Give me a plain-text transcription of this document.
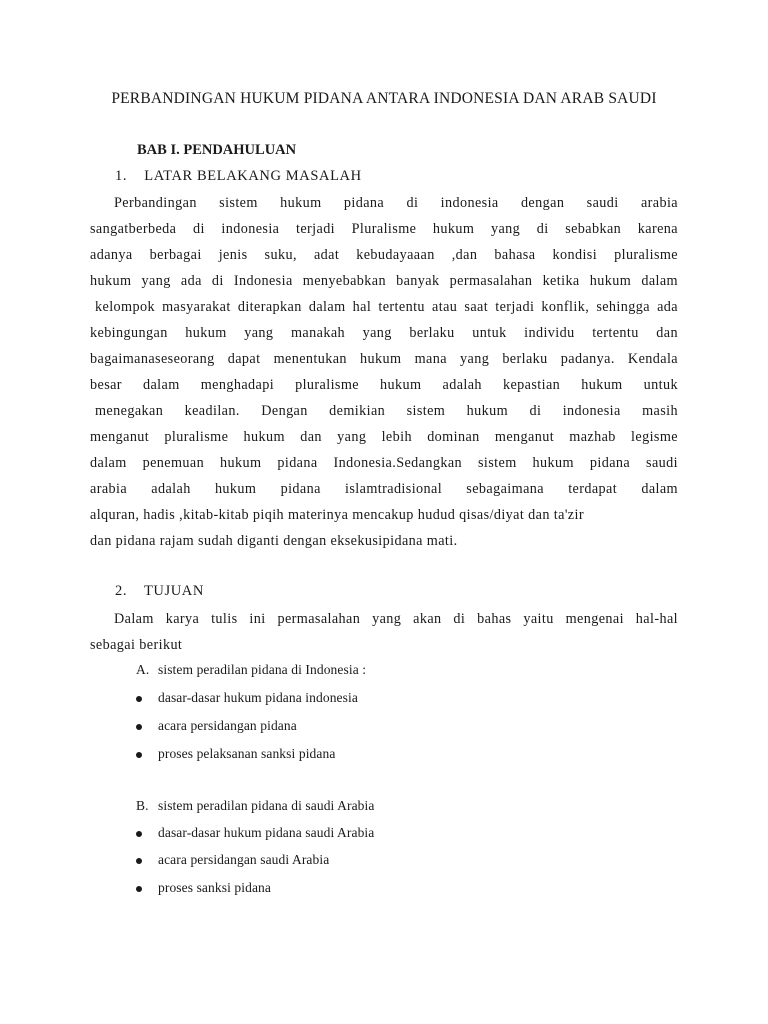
PERBANDINGAN HUKUM PIDANA ANTARA INDONESIA DAN ARAB SAUDI
BAB I. PENDAHULUAN
1. LATAR BELAKANG MASALAH
Perbandingan sistem hukum pidana di indonesia dengan saudi arabia
sangatberbeda di indonesia terjadi Pluralisme hukum yang di sebabkan karena
adanya berbagai jenis suku, adat kebudayaaan ,dan bahasa kondisi pluralisme
hukum yang ada di Indonesia menyebabkan banyak permasalahan ketika hukum dalam
kelompok masyarakat diterapkan dalam hal tertentu atau saat terjadi konflik, sehingga ada
kebingungan hukum yang manakah yang berlaku untuk individu tertentu dan
bagaimanaseseorang dapat menentukan hukum mana yang berlaku padanya. Kendala
besar dalam menghadapi pluralisme hukum adalah kepastian hukum untuk
menegakan keadilan. Dengan demikian sistem hukum di indonesia masih
menganut pluralisme hukum dan yang lebih dominan menganut mazhab legisme
dalam penemuan hukum pidana Indonesia.Sedangkan sistem hukum pidana saudi
arabia adalah hukum pidana islamtradisional sebagaimana terdapat dalam
alquran, hadis ,kitab-kitab piqih materinya mencakup hudud qisas/diyat dan ta'zir
dan pidana rajam sudah diganti dengan eksekusipidana mati.
2. TUJUAN
Dalam karya tulis ini permasalahan yang akan di bahas yaitu mengenai hal-hal
sebagai berikut
A. sistem peradilan pidana di Indonesia :
dasar-dasar hukum pidana indonesia
acara persidangan pidana
proses pelaksanan sanksi pidana
B. sistem peradilan pidana di saudi Arabia
dasar-dasar hukum pidana saudi Arabia
acara persidangan saudi Arabia
proses sanksi pidana
